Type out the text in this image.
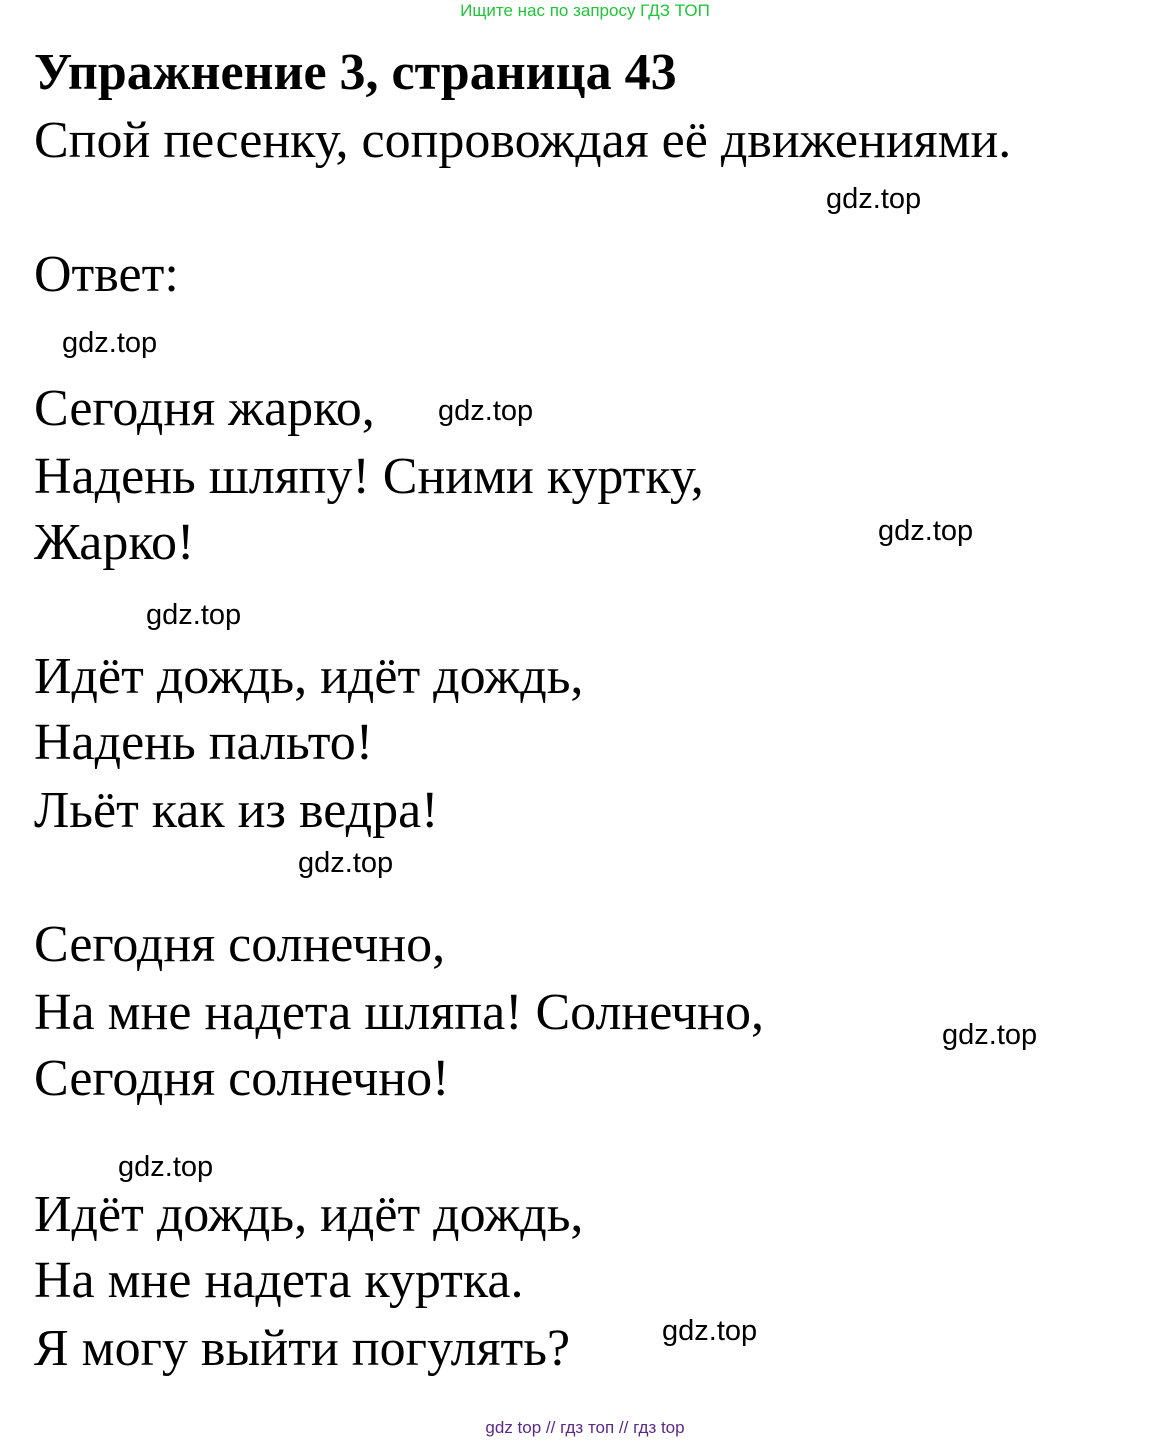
Ищите нас по запросу ГДЗ ТОП
Упражнение 3, страница 43
Спой песенку, сопровождая её движениями.
gdz.top
Ответ:
gdz.top
Сегодня жарко, gdz.top
Надень шляпу! Сними куртку,
Жарко!	gdz.top
gdz.top
Идёт дождь, идёт дождь,
Надень пальто!
Льёт как из ведра!
gdz.top
Сегодня солнечно,
На мне надета шляпа! Солнечно,	gdz.top
Сегодня солнечно!
gdz.top
Идёт дождь, идёт дождь,
На мне надета куртка.
Я могу выйти погулять?	gdz.top
gdz top // гдз топ // гдз top
